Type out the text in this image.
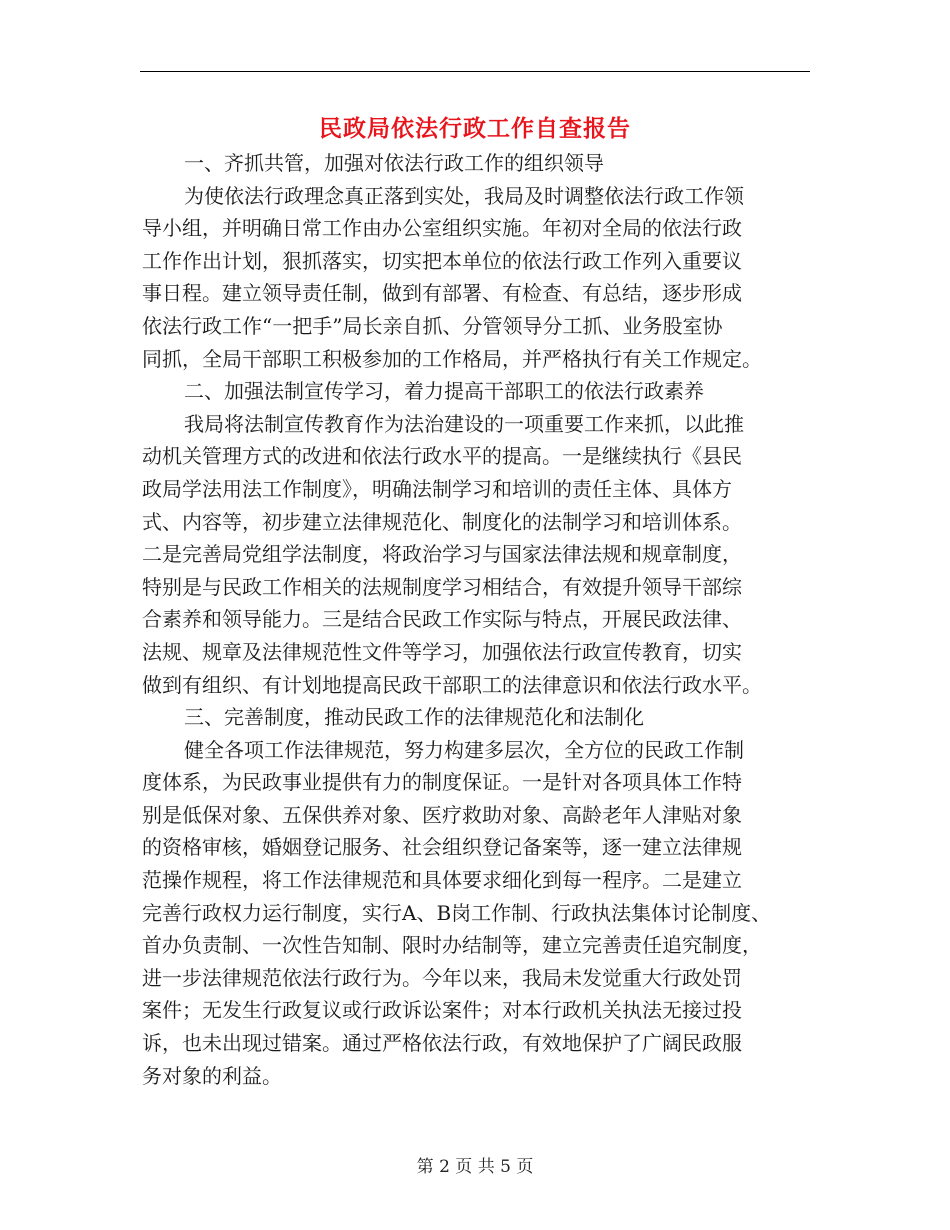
民政局依法行政工作自查报告
一、齐抓共管，加强对依法行政工作的组织领导
为使依法行政理念真正落到实处，我局及时调整依法行政工作领
导小组，并明确日常工作由办公室组织实施。年初对全局的依法行政
工作作出计划，狠抓落实，切实把本单位的依法行政工作列入重要议
事日程。建立领导责任制，做到有部署、有检查、有总结，逐步形成
依法行政工作“一把手”局长亲自抓、分管领导分工抓、业务股室协
同抓，全局干部职工积极参加的工作格局，并严格执行有关工作规定。
二、加强法制宣传学习，着力提高干部职工的依法行政素养
我局将法制宣传教育作为法治建设的一项重要工作来抓，以此推
动机关管理方式的改进和依法行政水平的提高。一是继续执行《县民
政局学法用法工作制度》，明确法制学习和培训的责任主体、具体方
式、内容等，初步建立法律规范化、制度化的法制学习和培训体系。
二是完善局党组学法制度，将政治学习与国家法律法规和规章制度，
特别是与民政工作相关的法规制度学习相结合，有效提升领导干部综
合素养和领导能力。三是结合民政工作实际与特点，开展民政法律、
法规、规章及法律规范性文件等学习，加强依法行政宣传教育，切实
做到有组织、有计划地提高民政干部职工的法律意识和依法行政水平。
三、完善制度，推动民政工作的法律规范化和法制化
健全各项工作法律规范，努力构建多层次，全方位的民政工作制
度体系，为民政事业提供有力的制度保证。一是针对各项具体工作特
别是低保对象、五保供养对象、医疗救助对象、高龄老年人津贴对象
的资格审核，婚姻登记服务、社会组织登记备案等，逐一建立法律规
范操作规程，将工作法律规范和具体要求细化到每一程序。二是建立
完善行政权力运行制度，实行A、B岗工作制、行政执法集体讨论制度、
首办负责制、一次性告知制、限时办结制等，建立完善责任追究制度，
进一步法律规范依法行政行为。今年以来，我局未发觉重大行政处罚
案件；无发生行政复议或行政诉讼案件；对本行政机关执法无接过投
诉，也未出现过错案。通过严格依法行政，有效地保护了广阔民政服
务对象的利益。
第 2 页 共 5 页
